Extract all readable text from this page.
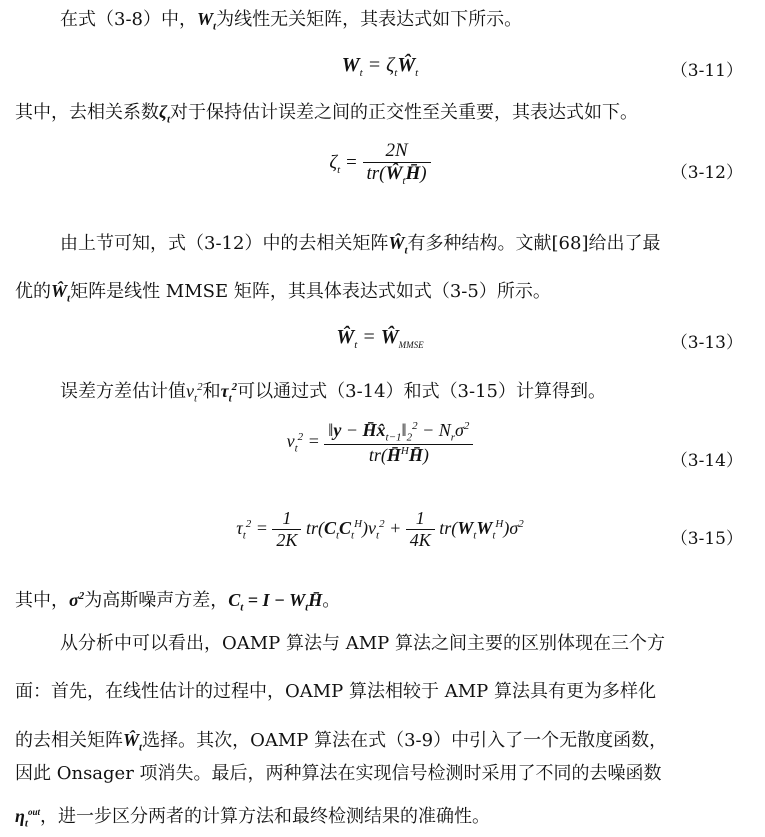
在式（3-8）中，$W_t$为线性无关矩阵，其表达式如下所示。
$W_t$ = $\zeta_tŴ_t$	（3-11）
其中，去相关系数$\zeta_t$对于保持估计误差之间的正交性至关重要，其表达式如下。
$\zeta_t = \frac{2N}{tr(Ŵ_tH̄)}$	（3-12）
由上节可知，式（3-12）中的去相关矩阵$Ŵ_t$有多种结构。文献[68]给出了最
优的$Ŵ_t$矩阵是线性 MMSE 矩阵，其具体表达式如式（3-5）所示。
$Ŵ_t$ = $Ŵ_{MMSE}$	（3-13）
误差方差估计值$v_t^2$和$\tau_t^2$可以通过式（3-14）和式（3-15）计算得到。
$v_t^2 = \frac{‖y - H̄x̂_{t-1}‖_2^2 - N_r\sigma^2}{tr(H̄^HH̄)}$	（3-14）
$\tau_t^2 = \frac{1}{2K} tr(C_tC_t^H)v_t^2 + \frac{1}{4K} tr(W_tW_t^H)\sigma^2$
（3-15）
其中，$\sigma^2$为高斯噪声方差，$C_t = I$ − $W_tH̄$。
从分析中可以看出，OAMP 算法与 AMP 算法之间主要的区别体现在三个方
面：首先，在线性估计的过程中，OAMP 算法相较于 AMP 算法具有更为多样化
的去相关矩阵$Ŵ_t$选择。其次，OAMP 算法在式（3-9）中引入了一个无散度函数，
因此 Onsager 项消失。最后，两种算法在实现信号检测时采用了不同的去噪函数
$\eta_t^{out}$，进一步区分两者的计算方法和最终检测结果的准确性。
